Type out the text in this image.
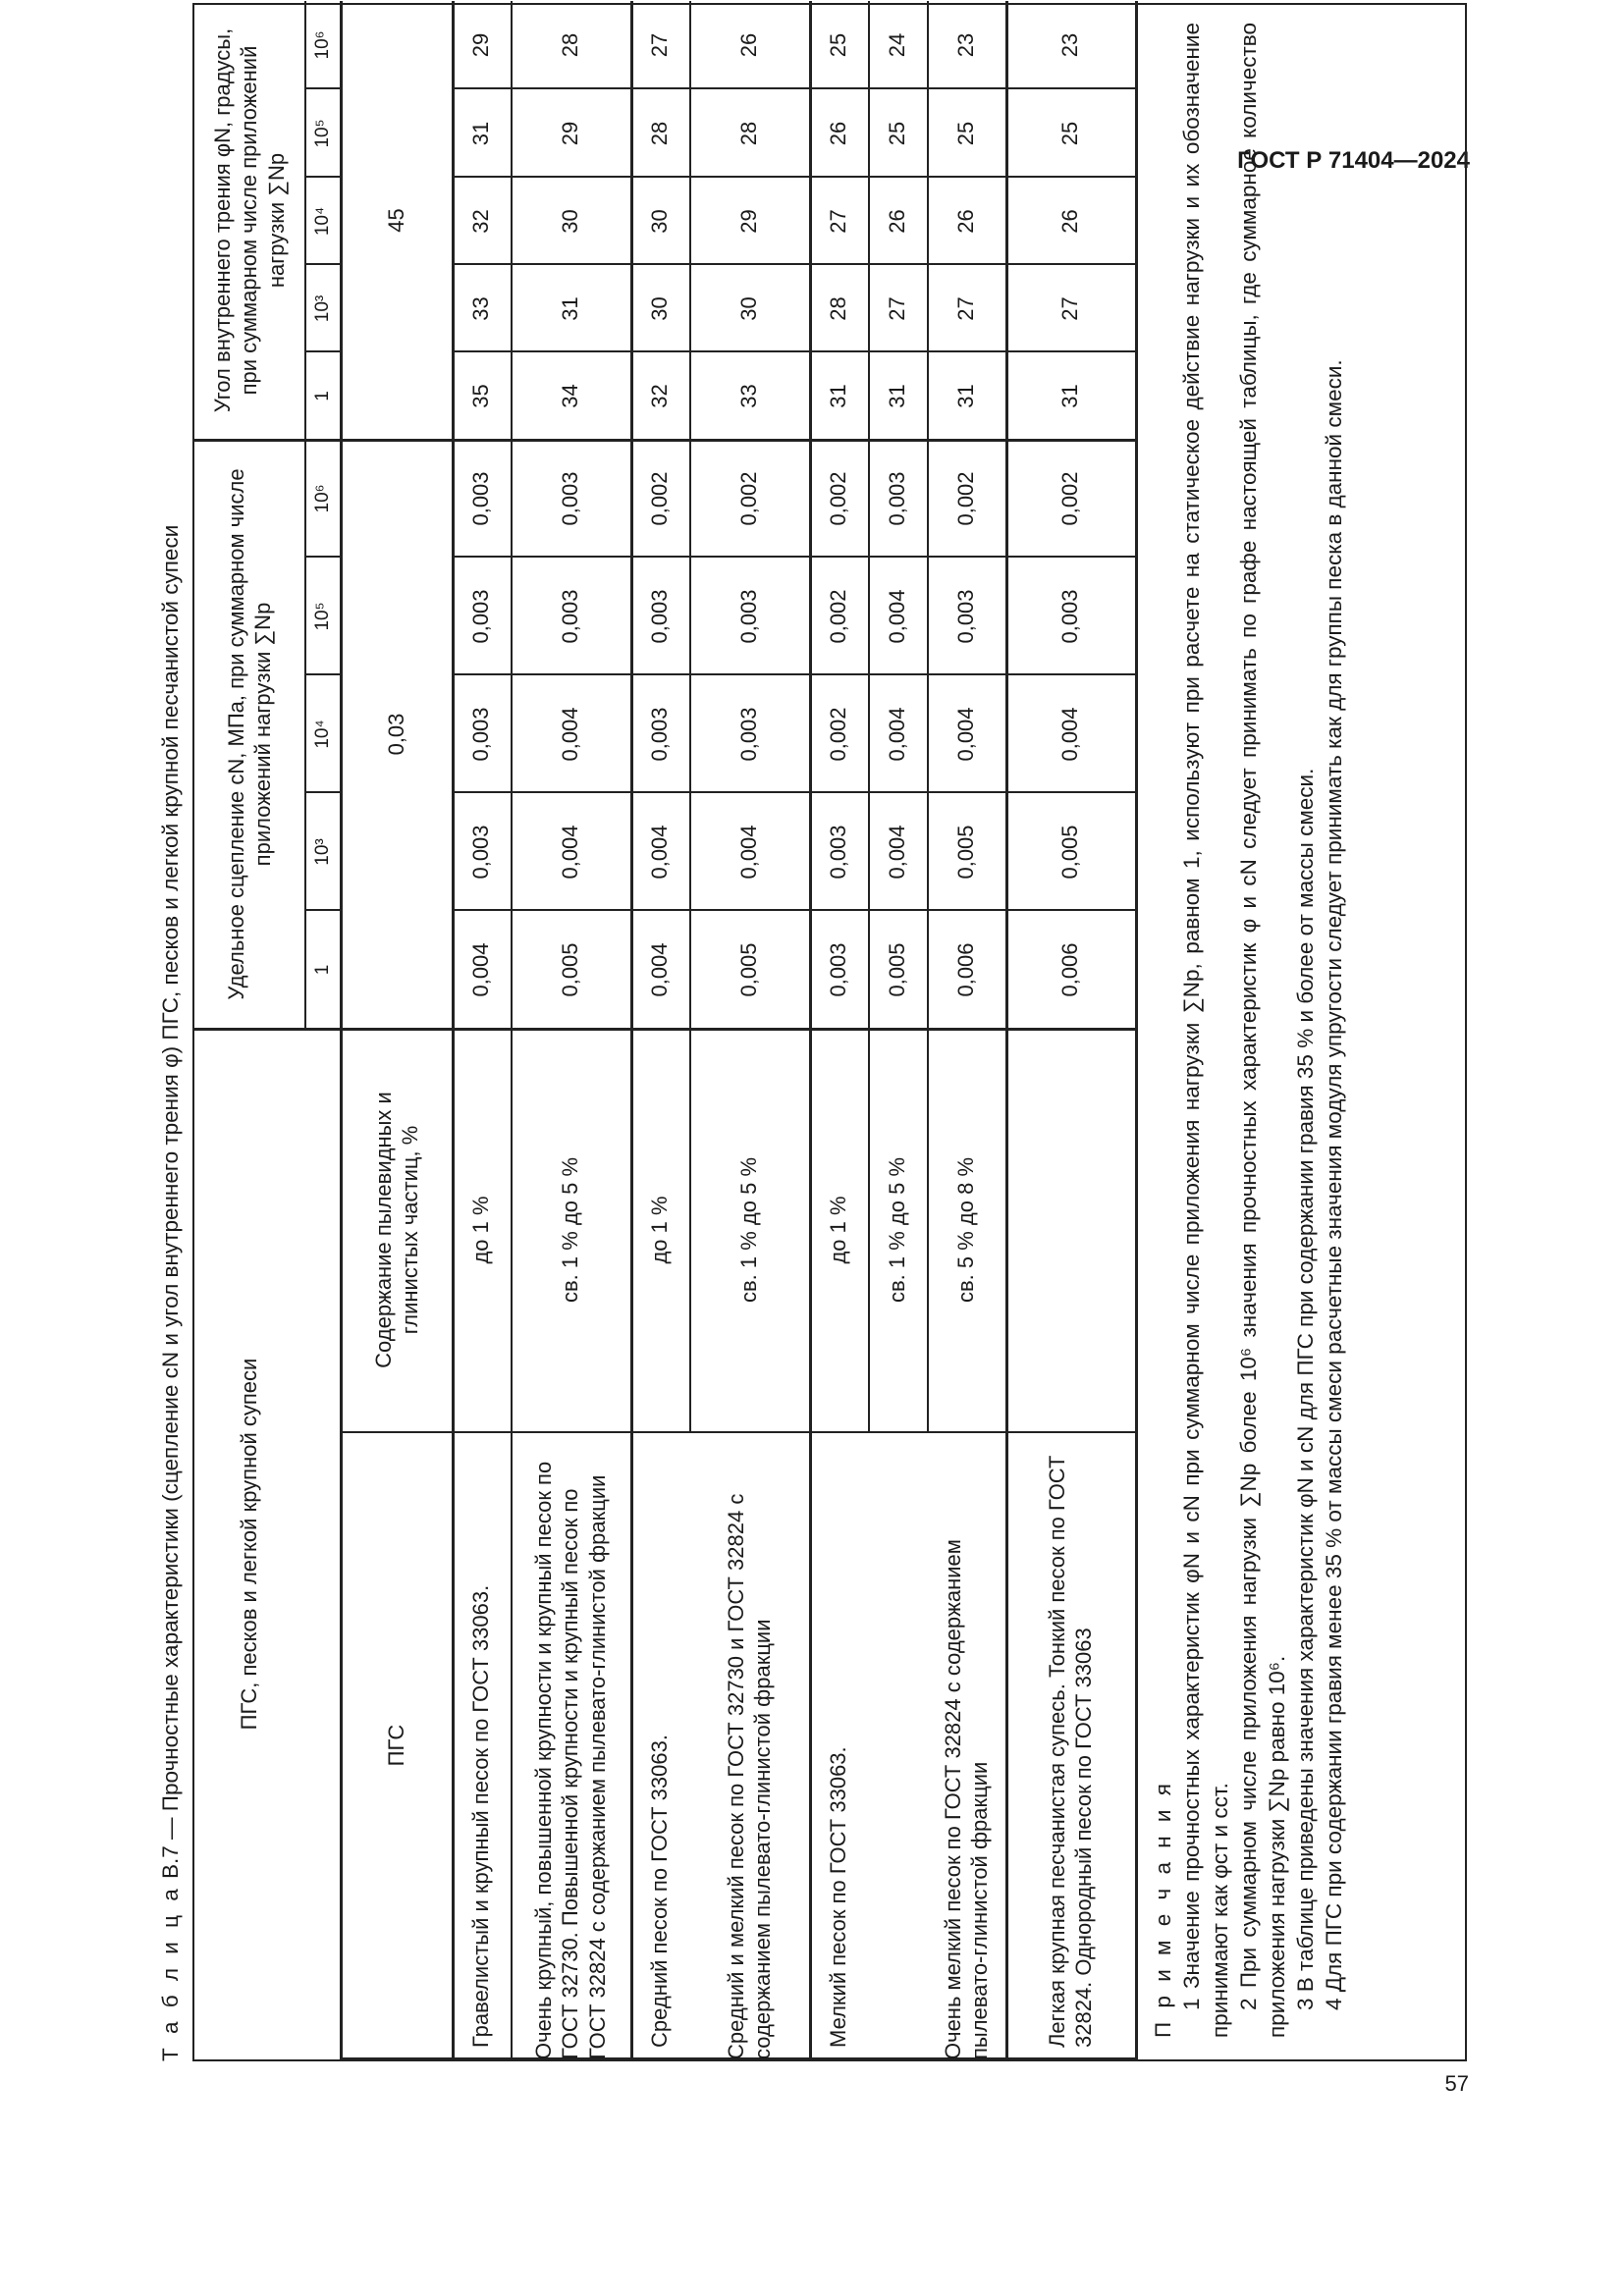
ГОСТ Р 71404—2024
57
Т а б л и ц а В.7 — Прочностные характеристики (сцепление cN и угол внутреннего трения φ) ПГС, песков и легкой крупной песчанистой супеси	ПГС, песков и легкой крупной супеси
Удельное сцепление cN, МПа, при суммарном числе приложений нагрузки ∑Np
Угол внутреннего трения φN, градусы, при суммарном числе приложений нагрузки ∑Np
ПГС
Содержание пылевидных и глинистых частиц, %
0,03
45

П р и м е ч а н и я 1 Значение прочностных характеристик φN и cN при суммарном числе приложения нагрузки ∑Np, равном 1, используют при расчете на статическое действие нагрузки и их обозначение принимают как φст и cст. 2 При суммарном числе приложения нагрузки ∑Np более 10⁶ значения прочностных характеристик φ и cN следует принимать по графе настоящей таблицы, где суммарное количество приложения нагрузки ∑Np равно 10⁶. 3 В таблице приведены значения характеристик φN и cN для ПГС при содержании гравия 35 % и более от массы смеси. 4 Для ПГС при содержании гравия менее 35 % от массы смеси расчетные значения модуля упругости следует принимать как для группы песка в данной смеси.

1
10³
10⁴
10⁵
10⁶
1
10³
10⁴
10⁵
10⁶
Гравелистый и крупный песок по ГОСТ 33063.
до 1 %
0,004
0,003
0,003
0,003
0,003
35
33
32
31
29
Очень крупный, повышенной крупности и крупный песок по ГОСТ 32730. Повышенной крупности и крупный песок по ГОСТ 32824 с содержанием пылевато-глинистой фракции
св. 1 % до 5 %
0,005
0,004
0,004
0,003
0,003
34
31
30
29
28
Средний песок по ГОСТ 33063.
до 1 %
0,004
0,004
0,003
0,003
0,002
32
30
30
28
27
Средний и мелкий песок по ГОСТ 32730 и ГОСТ 32824 с содержанием пылевато-глинистой фракции
св. 1 % до 5 %
0,005
0,004
0,003
0,003
0,002
33
30
29
28
26
Мелкий песок по ГОСТ 33063.
до 1 %
0,003
0,003
0,002
0,002
0,002
31
28
27
26
25
св. 1 % до 5 %
0,005
0,004
0,004
0,004
0,003
31
27
26
25
24
Очень мелкий песок по ГОСТ 32824 с содержанием пылевато-глинистой фракции
св. 5 % до 8 %
0,006
0,005
0,004
0,003
0,002
31
27
26
25
23
Легкая крупная песчанистая супесь. Тонкий песок по ГОСТ 32824. Однородный песок по ГОСТ 33063
0,006
0,005
0,004
0,003
0,002
31
27
26
25
23
